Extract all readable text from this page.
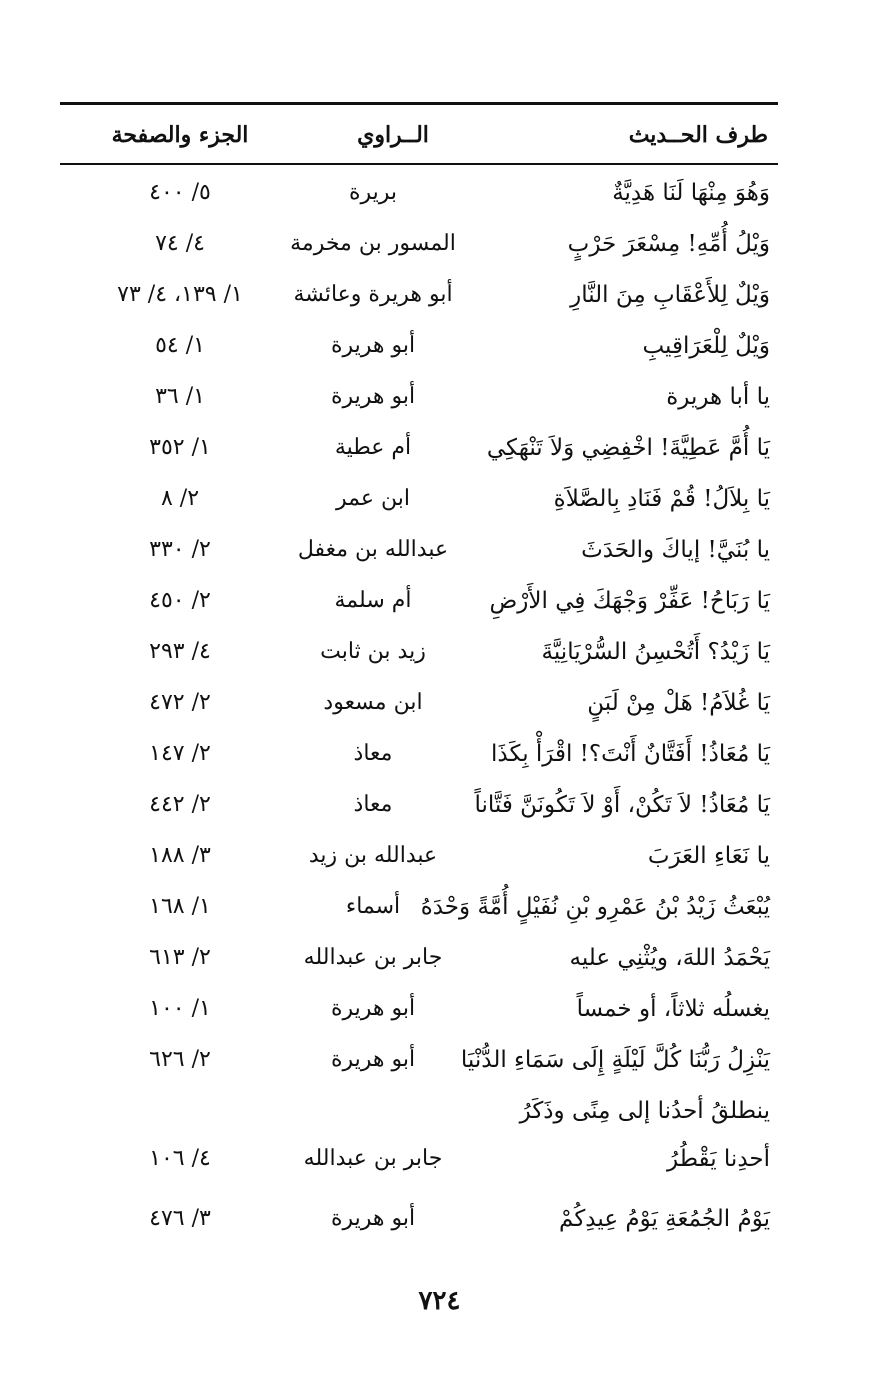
طرف الحــديث
الــراوي
الجزء والصفحة
وَهُوَ مِنْهَا لَنَا هَدِيَّةٌ
بريرة
٥/ ٤٠٠
وَيْلُ أُمِّهِ! مِسْعَرَ حَرْبٍ
المسور بن مخرمة
٤/ ٧٤
وَيْلٌ لِلأَعْقَابِ مِنَ النَّارِ
أبو هريرة وعائشة
١/ ١٣٩، ٤/ ٧٣
وَيْلٌ لِلْعَرَاقِيبِ
أبو هريرة
١/ ٥٤
يا أبا هريرة
أبو هريرة
١/ ٣٦
يَا أُمَّ عَطِيَّةَ! اخْفِضِي وَلاَ تَنْهَكِي
أم عطية
١/ ٣٥٢
يَا بِلاَلُ! قُمْ فَنَادِ بِالصَّلاَةِ
ابن عمر
٢/ ٨
يا بُنَيَّ! إياكَ والحَدَثَ
عبدالله بن مغفل
٢/ ٣٣٠
يَا رَبَاحُ! عَفِّرْ وَجْهَكَ فِي الأَرْضِ
أم سلمة
٢/ ٤٥٠
يَا زَيْدُ؟ أَتُحْسِنُ السُّرْيَانِيَّةَ
زيد بن ثابت
٤/ ٢٩٣
يَا غُلاَمُ! هَلْ مِنْ لَبَنٍ
ابن مسعود
٢/ ٤٧٢
يَا مُعَاذُ! أَفَتَّانٌ أَنْتَ؟! اقْرَأْ بِكَذَا
معاذ
٢/ ١٤٧
يَا مُعَاذُ! لاَ تَكُنْ، أَوْ لاَ تَكُونَنَّ فَتَّاناً
معاذ
٢/ ٤٤٢
يا نَعَاءِ العَرَبَ
عبدالله بن زيد
٣/ ١٨٨
يُبْعَثُ زَيْدُ بْنُ عَمْرِو بْنِ نُفَيْلٍ أُمَّةً وَحْدَهُ
أسماء
١/ ١٦٨
يَحْمَدُ اللهَ، ويُثْنِي عليه
جابر بن عبدالله
٢/ ٦١٣
يغسلُه ثلاثاً، أو خمساً
أبو هريرة
١/ ١٠٠
يَنْزِلُ رَبُّنَا كُلَّ لَيْلَةٍ إِلَى سَمَاءِ الدُّنْيَا
أبو هريرة
٢/ ٦٢٦
ينطلقُ أحدُنا إلى مِنًى وذَكَرُ
أحدِنا يَقْطُرُ
جابر بن عبدالله
٤/ ١٠٦
يَوْمُ الجُمُعَةِ يَوْمُ عِيدِكُمْ
أبو هريرة
٣/ ٤٧٦
٧٢٤
